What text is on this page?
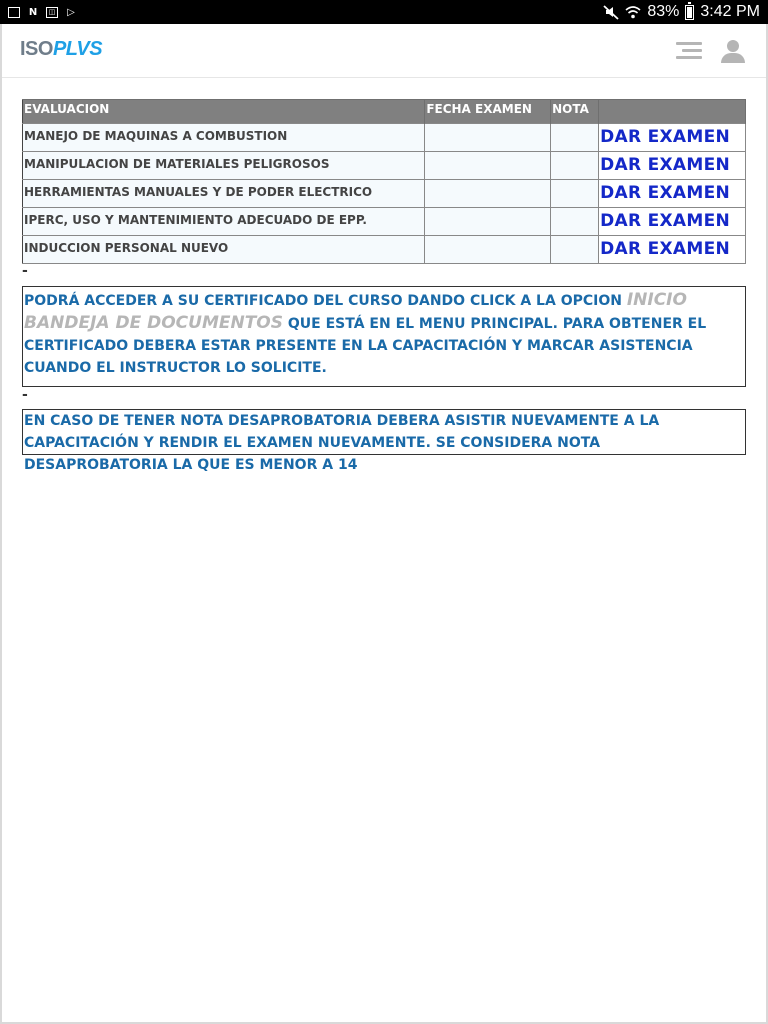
N	◫	▷	83% 3:42 PM
ISO PLVS
EVALUACION	FECHA EXAMEN	NOTA	
MANEJO DE MAQUINAS A COMBUSTION			DAR EXAMEN
MANIPULACION DE MATERIALES PELIGROSOS			DAR EXAMEN
HERRAMIENTAS MANUALES Y DE PODER ELECTRICO			DAR EXAMEN
IPERC, USO Y MANTENIMIENTO ADECUADO DE EPP.			DAR EXAMEN
INDUCCION PERSONAL NUEVO			DAR EXAMEN
-
PODRÁ ACCEDER A SU CERTIFICADO DEL CURSO DANDO CLICK A LA OPCION INICIO BANDEJA DE DOCUMENTOS QUE ESTÁ EN EL MENU PRINCIPAL. PARA OBTENER EL CERTIFICADO DEBERA ESTAR PRESENTE EN LA CAPACITACIÓN Y MARCAR ASISTENCIA CUANDO EL INSTRUCTOR LO SOLICITE.
-
EN CASO DE TENER NOTA DESAPROBATORIA DEBERA ASISTIR NUEVAMENTE A LA CAPACITACIÓN Y RENDIR EL EXAMEN NUEVAMENTE. SE CONSIDERA NOTA DESAPROBATORIA LA QUE ES MENOR A 14
